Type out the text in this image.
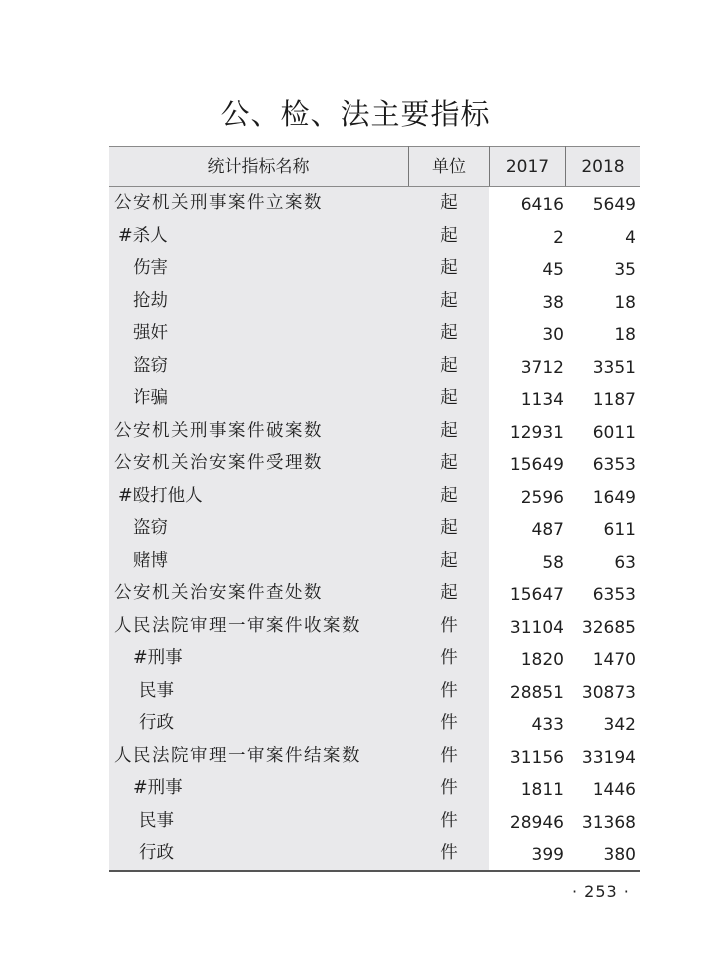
公、检、法主要指标
统计指标名称	单位	2017	2018
公安机关刑事案件立案数	起	6416 5649
#杀人	起	2	4
伤害	起	45	35
抢劫	起	38	18
强奸	起	30	18
盗窃	起	3712 3351
诈骗	起	1134 1187
公安机关刑事案件破案数	起	12931 6011
公安机关治安案件受理数	起	15649 6353
#殴打他人	起	2596 1649
盗窃	起	487 611
赌博	起	58	63
公安机关治安案件查处数	起	15647 6353
人民法院审理一审案件收案数	件	31104 32685
#刑事	件	1820 1470
民事	件	28851 30873
行政	件	433 342
人民法院审理一审案件结案数	件	31156 33194
#刑事	件	1811 1446
民事	件	28946 31368
行政	件	399 380
· 253 ·
